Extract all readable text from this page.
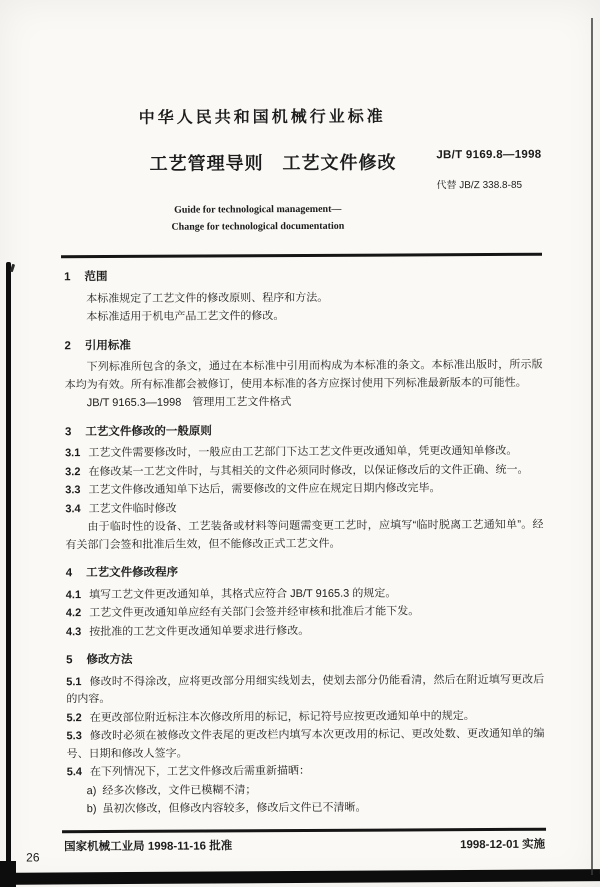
中华人民共和国机械行业标准
工艺管理导则　工艺文件修改	JB/T 9169.8—1998
代替 JB/Z 338.8-85
Guide for technological management—
Change for technological documentation
1 范围
本标准规定了工艺文件的修改原则、程序和方法。
本标准适用于机电产品工艺文件的修改。
2 引用标准
下列标准所包含的条文，通过在本标准中引用而构成为本标准的条文。本标准出版时，所示版本均为有效。所有标准都会被修订，使用本标准的各方应探讨使用下列标准最新版本的可能性。
JB/T 9165.3—1998　管理用工艺文件格式
3 工艺文件修改的一般原则
3.1 工艺文件需要修改时，一般应由工艺部门下达工艺文件更改通知单，凭更改通知单修改。
3.2 在修改某一工艺文件时，与其相关的文件必须同时修改，以保证修改后的文件正确、统一。
3.3 工艺文件修改通知单下达后，需要修改的文件应在规定日期内修改完毕。
3.4 工艺文件临时修改
由于临时性的设备、工艺装备或材料等问题需变更工艺时，应填写“临时脱离工艺通知单”。经有关部门会签和批准后生效，但不能修改正式工艺文件。
4 工艺文件修改程序
4.1 填写工艺文件更改通知单，其格式应符合 JB/T 9165.3 的规定。
4.2 工艺文件更改通知单应经有关部门会签并经审核和批准后才能下发。
4.3 按批准的工艺文件更改通知单要求进行修改。
5 修改方法
5.1 修改时不得涂改，应将更改部分用细实线划去，使划去部分仍能看清，然后在附近填写更改后的内容。
5.2 在更改部位附近标注本次修改所用的标记，标记符号应按更改通知单中的规定。
5.3 修改时必须在被修改文件表尾的更改栏内填写本次更改用的标记、更改处数、更改通知单的编号、日期和修改人签字。
5.4 在下列情况下，工艺文件修改后需重新描晒：
a) 经多次修改，文件已模糊不清；
b) 虽初次修改，但修改内容较多，修改后文件已不清晰。
国家机械工业局 1998-11-16 批准	1998-12-01 实施
26
